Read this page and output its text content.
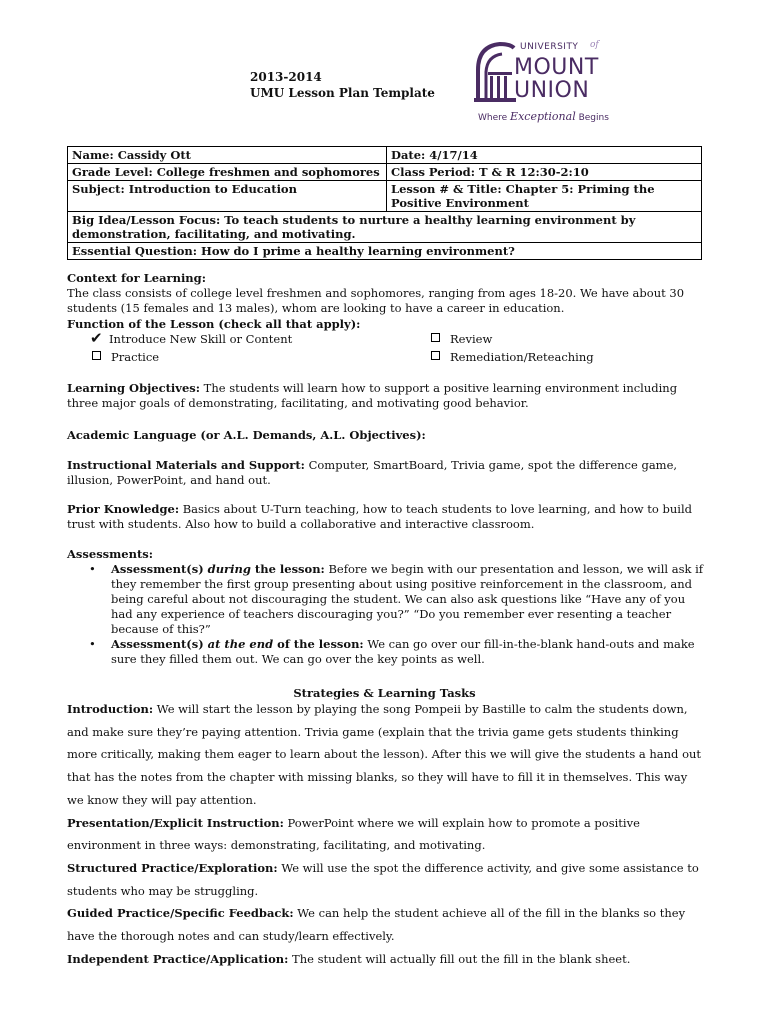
2013-2014
UMU Lesson Plan Template
UNIVERSITY of
MOUNT
UNION
Where Exceptional Begins
Name: Cassidy Ott	Date: 4/17/14
Grade Level: College freshmen and sophomores	Class Period: T & R 12:30-2:10
Subject: Introduction to Education	Lesson # & Title: Chapter 5: Priming the Positive Environment
Big Idea/Lesson Focus: To teach students to nurture a healthy learning environment by demonstration, facilitating, and motivating.	
Essential Question: How do I prime a healthy learning environment?	
Context for Learning:
The class consists of college level freshmen and sophomores, ranging from ages 18-20. We have about 30 students (15 females and 13 males), whom are looking to have a career in education.
Function of the Lesson (check all that apply):
✔ Introduce New Skill or Content
Practice
Review
Remediation/Reteaching
Learning Objectives: The students will learn how to support a positive learning environment including three major goals of demonstrating, facilitating, and motivating good behavior.
Academic Language (or A.L. Demands, A.L. Objectives):
Instructional Materials and Support: Computer, SmartBoard, Trivia game, spot the difference game, illusion, PowerPoint, and hand out.
Prior Knowledge: Basics about U-Turn teaching, how to teach students to love learning, and how to build trust with students. Also how to build a collaborative and interactive classroom.
Assessments:
• Assessment(s) during the lesson: Before we begin with our presentation and lesson, we will ask if they remember the first group presenting about using positive reinforcement in the classroom, and being careful about not discouraging the student. We can also ask questions like “Have any of you had any experience of teachers discouraging you?” “Do you remember ever resenting a teacher because of this?”
• Assessment(s) at the end of the lesson: We can go over our fill-in-the-blank hand-outs and make sure they filled them out. We can go over the key points as well.
Strategies & Learning Tasks

Introduction: We will start the lesson by playing the song Pompeii by Bastille to calm the students down, and make sure they’re paying attention. Trivia game (explain that the trivia game gets students thinking more critically, making them eager to learn about the lesson). After this we will give the students a hand out that has the notes from the chapter with missing blanks, so they will have to fill it in themselves. This way we know they will pay attention.

Presentation/Explicit Instruction: PowerPoint where we will explain how to promote a positive environment in three ways: demonstrating, facilitating, and motivating.

Structured Practice/Exploration: We will use the spot the difference activity, and give some assistance to students who may be struggling.

Guided Practice/Specific Feedback: We can help the student achieve all of the fill in the blanks so they have the thorough notes and can study/learn effectively.

Independent Practice/Application: The student will actually fill out the fill in the blank sheet.
